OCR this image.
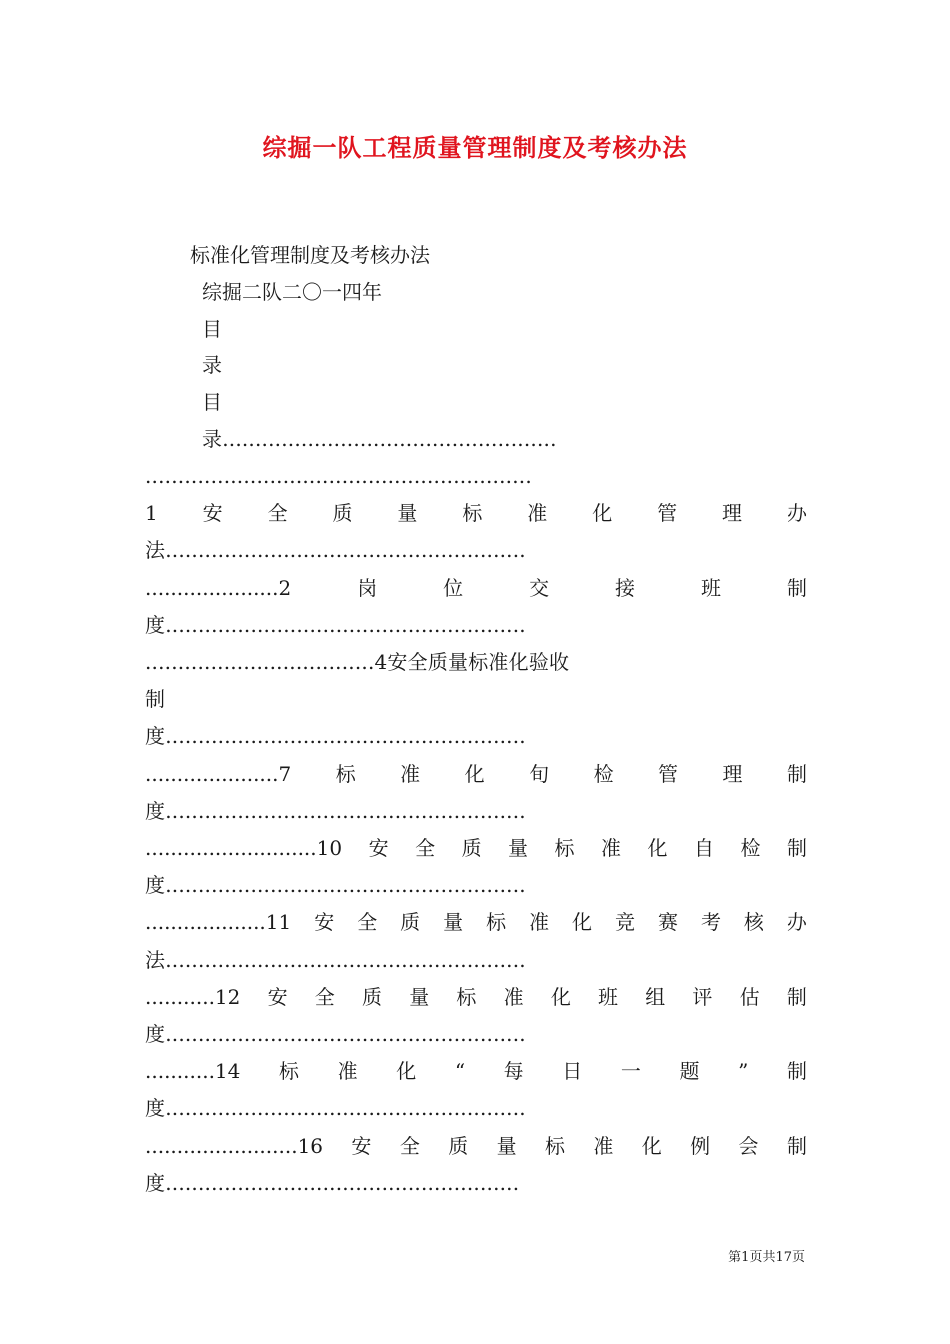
综掘一队工程质量管理制度及考核办法
标准化管理制度及考核办法
综掘二队二〇一四年
目
录
目
录...................................................
...........................................................
1 安 全 质 量 标 准 化 管 理 办
法.......................................................
.....................2	岗	位	交	接	班	制
度.......................................................
...................................4安全质量标准化验收
制
度.......................................................
.....................7 标 准 化 旬 检 管 理 制
度.......................................................
...........................10 安 全 质 量 标 准 化 自 检 制
度.......................................................
...................11 安 全 质 量 标 准 化 竞 赛 考 核 办
法.......................................................
...........12 安 全 质 量 标 准 化 班 组 评 估 制
度.......................................................
...........14 标 准 化 “ 每 日 一 题 ” 制
度.......................................................
........................16 安 全 质 量 标 准 化 例 会 制
度......................................................
第1页共17页
